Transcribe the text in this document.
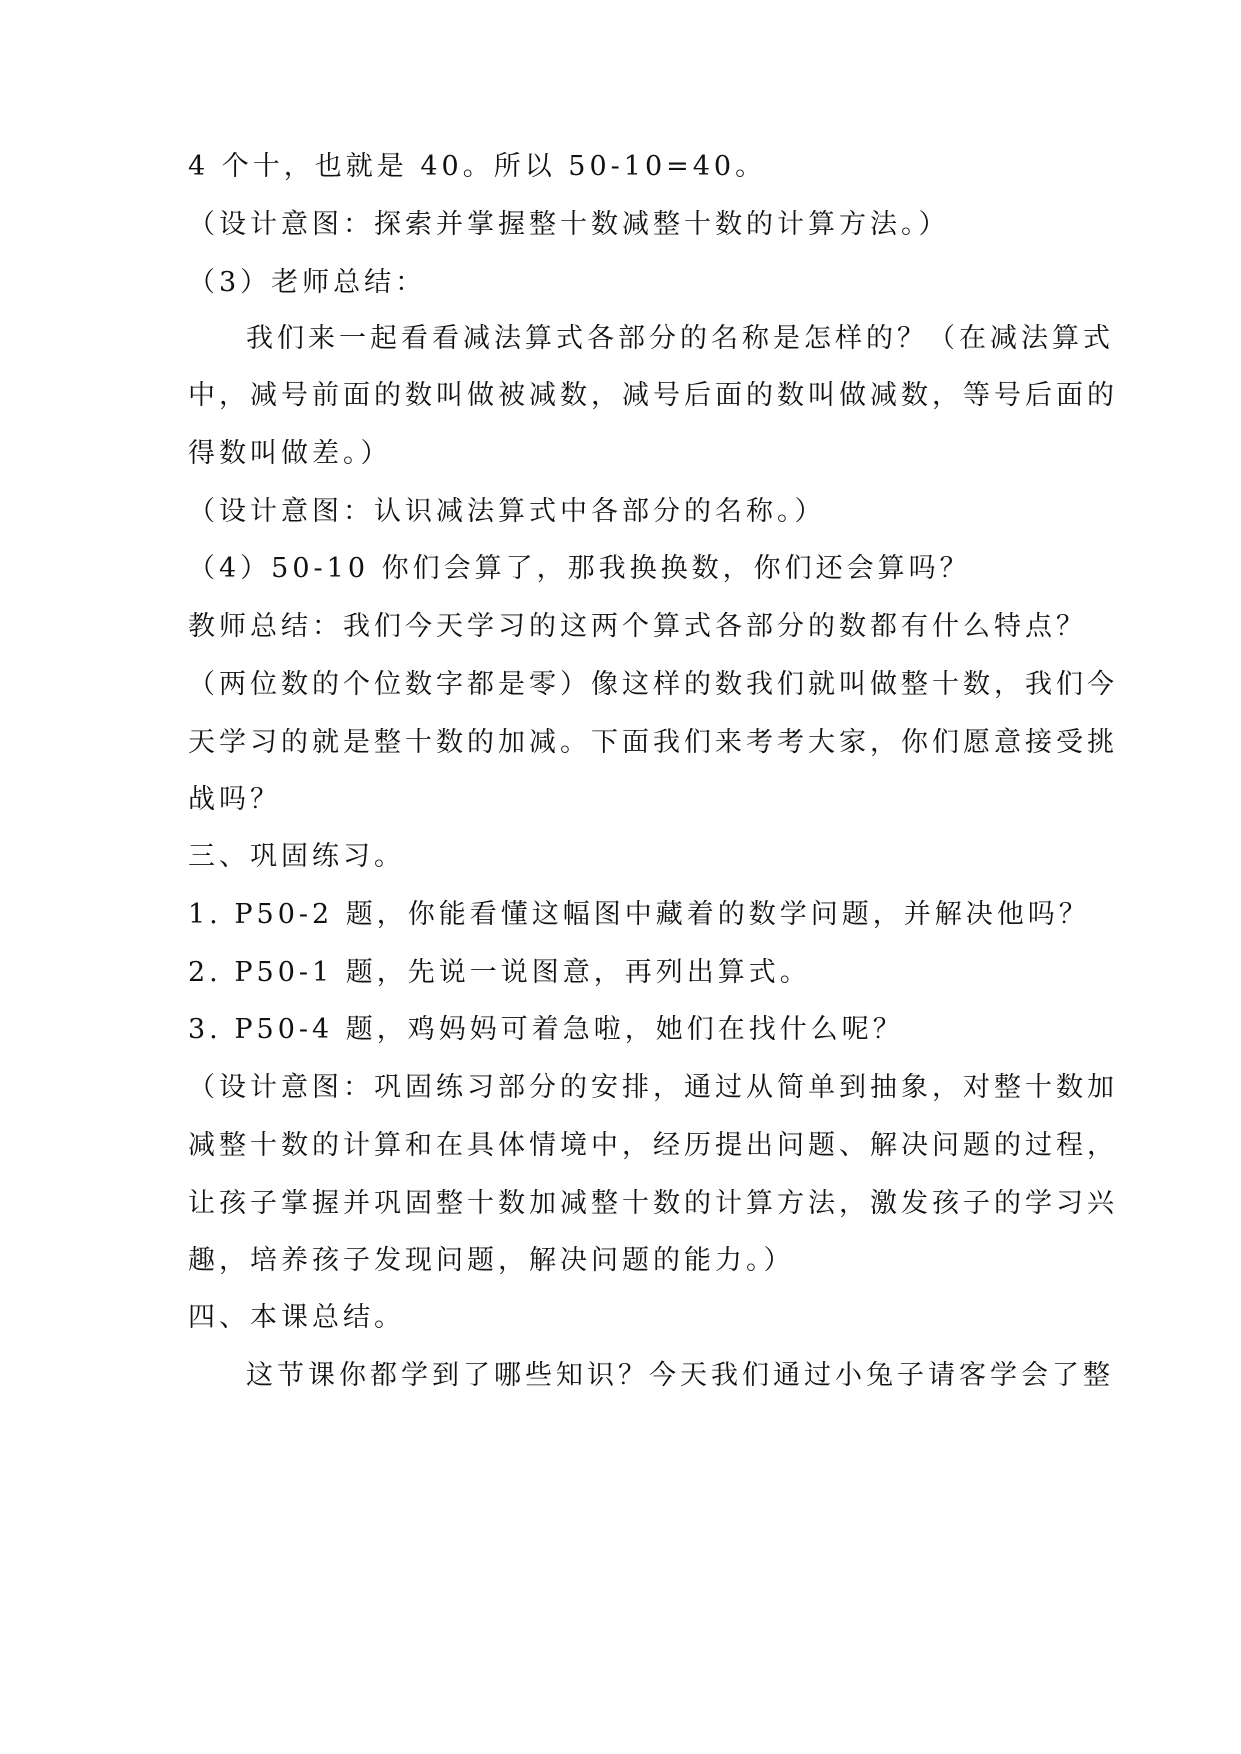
4 个十，也就是 40。所以 50-10=40。
（设计意图：探索并掌握整十数减整十数的计算方法。）
（3）老师总结：
我们来一起看看减法算式各部分的名称是怎样的？（在减法算式
中，减号前面的数叫做被减数，减号后面的数叫做减数，等号后面的
得数叫做差。）
（设计意图：认识减法算式中各部分的名称。）
（4）50-10 你们会算了，那我换换数，你们还会算吗？
教师总结：我们今天学习的这两个算式各部分的数都有什么特点？
（两位数的个位数字都是零）像这样的数我们就叫做整十数，我们今
天学习的就是整十数的加减。下面我们来考考大家，你们愿意接受挑
战吗？
三、巩固练习。
1. P50-2 题，你能看懂这幅图中藏着的数学问题，并解决他吗？
2. P50-1 题，先说一说图意，再列出算式。
3. P50-4 题，鸡妈妈可着急啦，她们在找什么呢？
（设计意图：巩固练习部分的安排，通过从简单到抽象，对整十数加
减整十数的计算和在具体情境中，经历提出问题、解决问题的过程，
让孩子掌握并巩固整十数加减整十数的计算方法，激发孩子的学习兴
趣，培养孩子发现问题，解决问题的能力。）
四、本课总结。
这节课你都学到了哪些知识？今天我们通过小兔子请客学会了整
